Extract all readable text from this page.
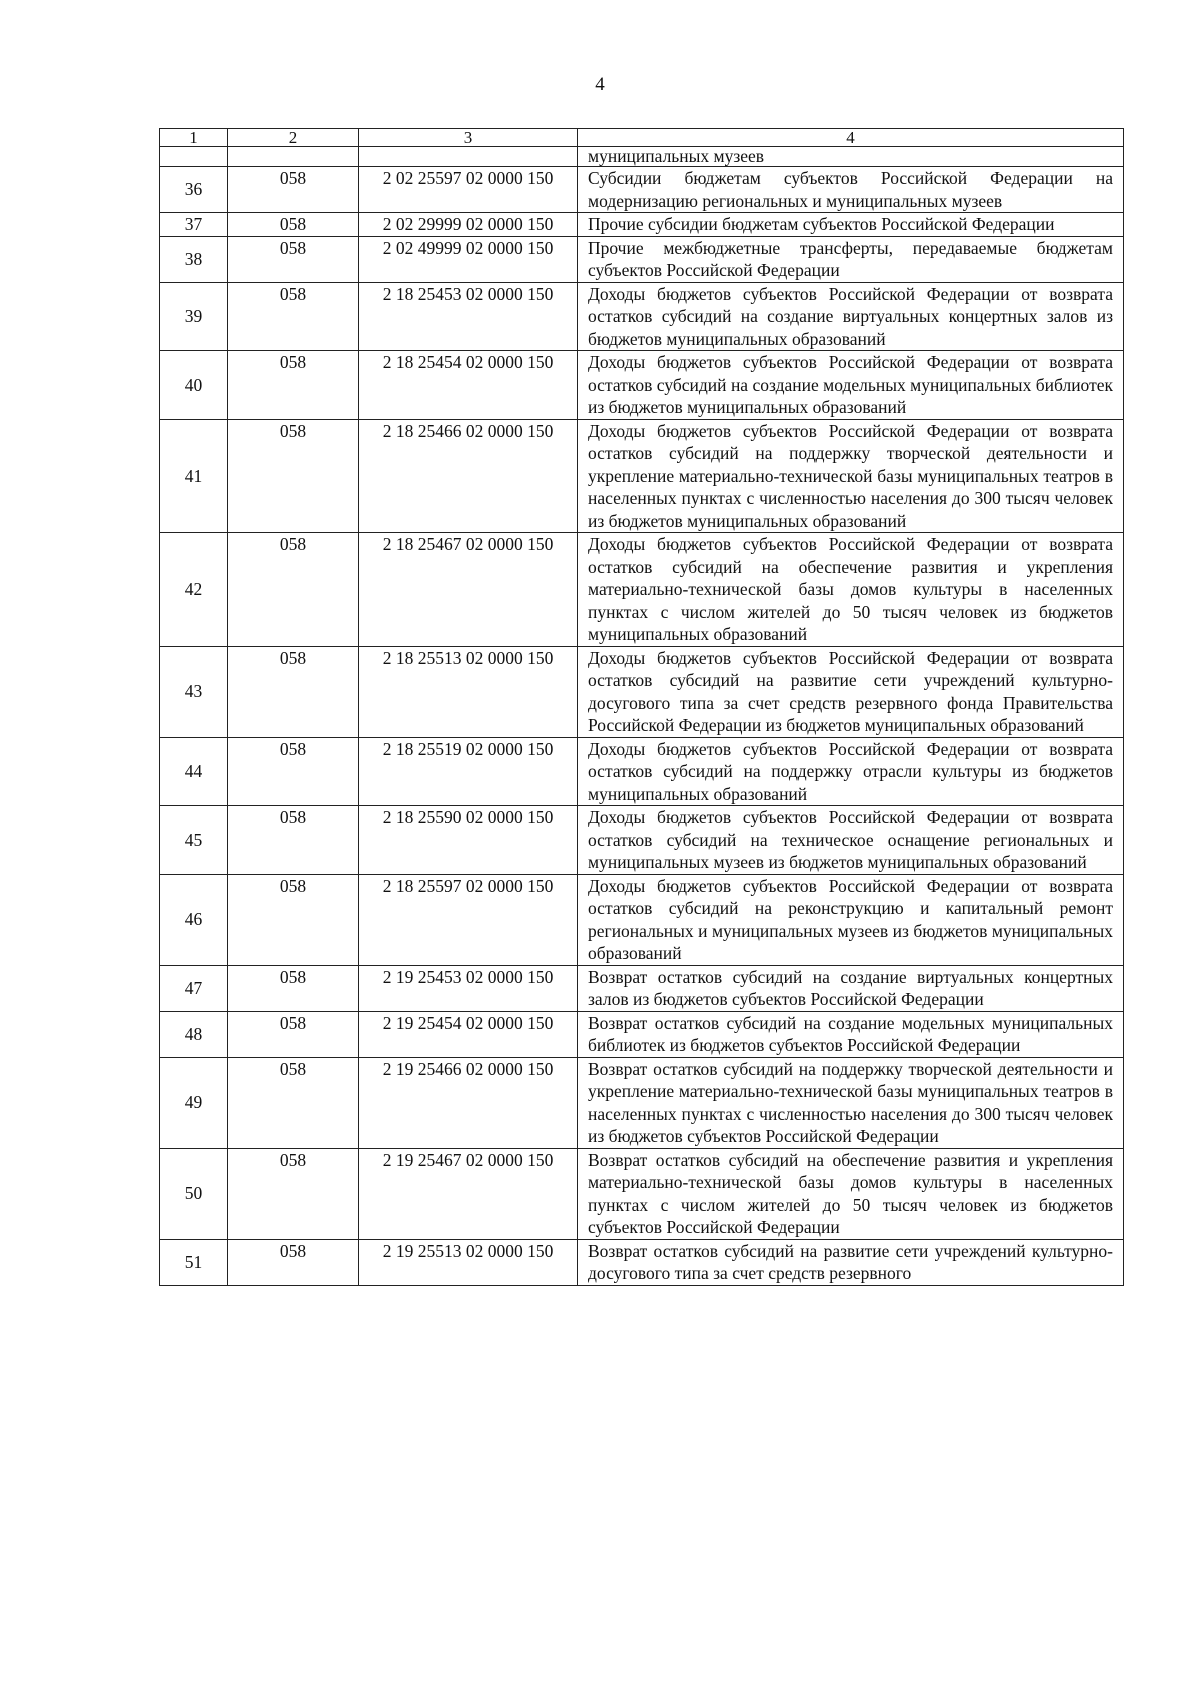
4
1	2	3	4
			муниципальных музеев
36	058	2 02 25597 02 0000 150	Субсидии бюджетам субъектов Российской Федерации на модернизацию региональных и муниципальных музеев
37	058	2 02 29999 02 0000 150	Прочие субсидии бюджетам субъектов Российской Федерации
38	058	2 02 49999 02 0000 150	Прочие межбюджетные трансферты, передаваемые бюджетам субъектов Российской Федерации
39	058	2 18 25453 02 0000 150	Доходы бюджетов субъектов Российской Федерации от возврата остатков субсидий на создание виртуальных концертных залов из бюджетов муниципальных образований
40	058	2 18 25454 02 0000 150	Доходы бюджетов субъектов Российской Федерации от возврата остатков субсидий на создание модельных муниципальных библиотек из бюджетов муниципальных образований
41	058	2 18 25466 02 0000 150	Доходы бюджетов субъектов Российской Федерации от возврата остатков субсидий на поддержку творческой деятельности и укрепление материально-технической базы муниципальных театров в населенных пунктах с численностью населения до 300 тысяч человек из бюджетов муниципальных образований
42	058	2 18 25467 02 0000 150	Доходы бюджетов субъектов Российской Федерации от возврата остатков субсидий на обеспечение развития и укрепления материально-технической базы домов культуры в населенных пунктах с числом жителей до 50 тысяч человек из бюджетов муниципальных образований
43	058	2 18 25513 02 0000 150	Доходы бюджетов субъектов Российской Федерации от возврата остатков субсидий на развитие сети учреждений культурно-досугового типа за счет средств резервного фонда Правительства Российской Федерации из бюджетов муниципальных образований
44	058	2 18 25519 02 0000 150	Доходы бюджетов субъектов Российской Федерации от возврата остатков субсидий на поддержку отрасли культуры из бюджетов муниципальных образований
45	058	2 18 25590 02 0000 150	Доходы бюджетов субъектов Российской Федерации от возврата остатков субсидий на техническое оснащение региональных и муниципальных музеев из бюджетов муниципальных образований
46	058	2 18 25597 02 0000 150	Доходы бюджетов субъектов Российской Федерации от возврата остатков субсидий на реконструкцию и капитальный ремонт региональных и муниципальных музеев из бюджетов муниципальных образований
47	058	2 19 25453 02 0000 150	Возврат остатков субсидий на создание виртуальных концертных залов из бюджетов субъектов Российской Федерации
48	058	2 19 25454 02 0000 150	Возврат остатков субсидий на создание модельных муниципальных библиотек из бюджетов субъектов Российской Федерации
49	058	2 19 25466 02 0000 150	Возврат остатков субсидий на поддержку творческой деятельности и укрепление материально-технической базы муниципальных театров в населенных пунктах с численностью населения до 300 тысяч человек из бюджетов субъектов Российской Федерации
50	058	2 19 25467 02 0000 150	Возврат остатков субсидий на обеспечение развития и укрепления материально-технической базы домов культуры в населенных пунктах с числом жителей до 50 тысяч человек из бюджетов субъектов Российской Федерации
51	058	2 19 25513 02 0000 150	Возврат остатков субсидий на развитие сети учреждений культурно-досугового типа за счет средств резервного
